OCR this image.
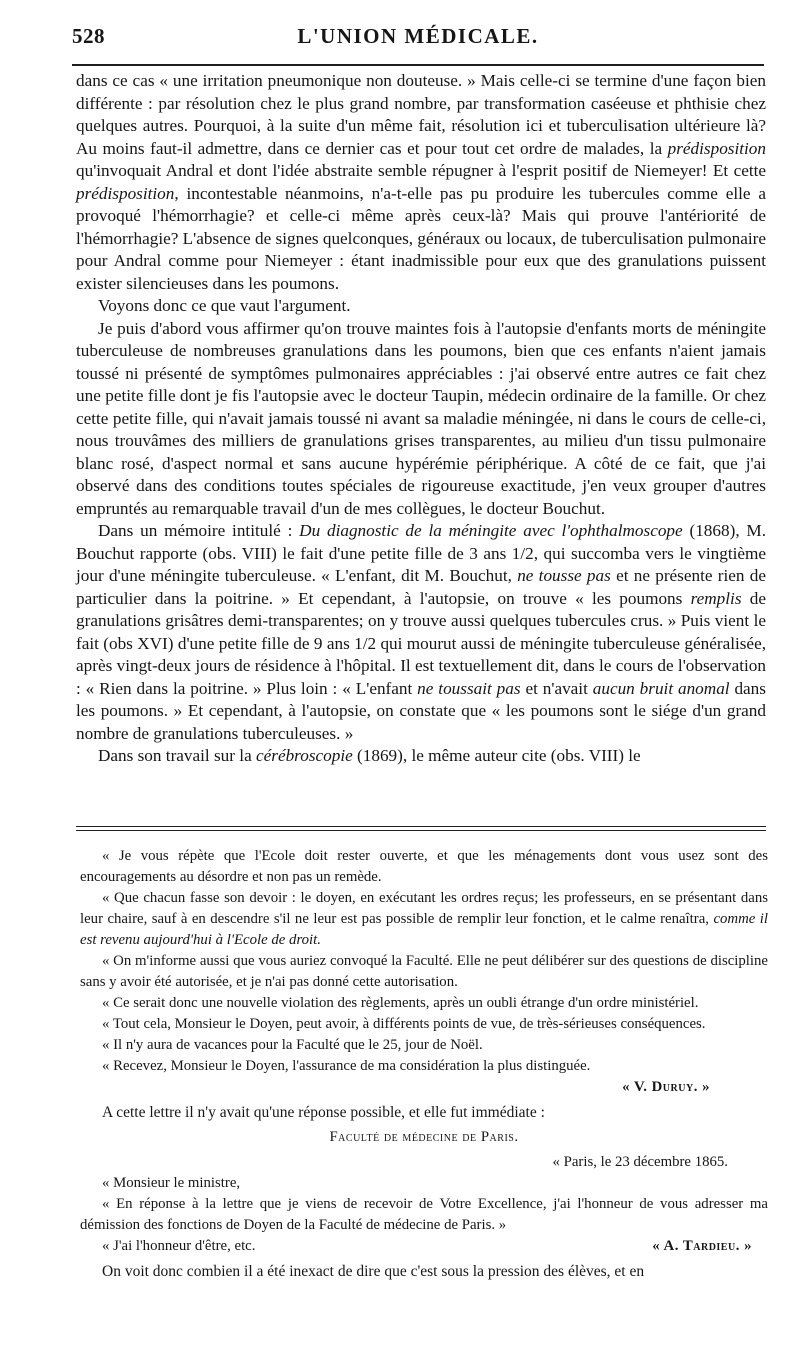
528	L'UNION MÉDICALE.

dans ce cas « une irritation pneumonique non douteuse. » Mais celle-ci se termine d'une façon bien différente : par résolution chez le plus grand nombre, par transformation caséeuse et phthisie chez quelques autres. Pourquoi, à la suite d'un même fait, résolution ici et tuberculisation ultérieure là? Au moins faut-il admettre, dans ce dernier cas et pour tout cet ordre de malades, la prédisposition qu'invoquait Andral et dont l'idée abstraite semble répugner à l'esprit positif de Niemeyer! Et cette prédisposition, incontestable néanmoins, n'a-t-elle pas pu produire les tubercules comme elle a provoqué l'hémorrhagie? et celle-ci même après ceux-là? Mais qui prouve l'antériorité de l'hémorrhagie? L'absence de signes quelconques, généraux ou locaux, de tuberculisation pulmonaire pour Andral comme pour Niemeyer : étant inadmissible pour eux que des granulations puissent exister silencieuses dans les poumons.

Voyons donc ce que vaut l'argument.

Je puis d'abord vous affirmer qu'on trouve maintes fois à l'autopsie d'enfants morts de méningite tuberculeuse de nombreuses granulations dans les poumons, bien que ces enfants n'aient jamais toussé ni présenté de symptômes pulmonaires appréciables : j'ai observé entre autres ce fait chez une petite fille dont je fis l'autopsie avec le docteur Taupin, médecin ordinaire de la famille. Or chez cette petite fille, qui n'avait jamais toussé ni avant sa maladie méningée, ni dans le cours de celle-ci, nous trouvâmes des milliers de granulations grises transparentes, au milieu d'un tissu pulmonaire blanc rosé, d'aspect normal et sans aucune hypérémie périphérique. A côté de ce fait, que j'ai observé dans des conditions toutes spéciales de rigoureuse exactitude, j'en veux grouper d'autres empruntés au remarquable travail d'un de mes collègues, le docteur Bouchut.

Dans un mémoire intitulé : Du diagnostic de la méningite avec l'ophthalmoscope (1868), M. Bouchut rapporte (obs. VIII) le fait d'une petite fille de 3 ans 1/2, qui succomba vers le vingtième jour d'une méningite tuberculeuse. « L'enfant, dit M. Bouchut, ne tousse pas et ne présente rien de particulier dans la poitrine. » Et cependant, à l'autopsie, on trouve « les poumons remplis de granulations grisâtres demi-transparentes; on y trouve aussi quelques tubercules crus. » Puis vient le fait (obs XVI) d'une petite fille de 9 ans 1/2 qui mourut aussi de méningite tuberculeuse généralisée, après vingt-deux jours de résidence à l'hôpital. Il est textuellement dit, dans le cours de l'observation : « Rien dans la poitrine. » Plus loin : « L'enfant ne toussait pas et n'avait aucun bruit anomal dans les poumons. » Et cependant, à l'autopsie, on constate que « les poumons sont le siége d'un grand nombre de granulations tuberculeuses. »

Dans son travail sur la cérébroscopie (1869), le même auteur cite (obs. VIII) le

« Je vous répète que l'Ecole doit rester ouverte, et que les ménagements dont vous usez sont des encouragements au désordre et non pas un remède.

« Que chacun fasse son devoir : le doyen, en exécutant les ordres reçus; les professeurs, en se présentant dans leur chaire, sauf à en descendre s'il ne leur est pas possible de remplir leur fonction, et le calme renaîtra, comme il est revenu aujourd'hui à l'Ecole de droit.

« On m'informe aussi que vous auriez convoqué la Faculté. Elle ne peut délibérer sur des questions de discipline sans y avoir été autorisée, et je n'ai pas donné cette autorisation.

« Ce serait donc une nouvelle violation des règlements, après un oubli étrange d'un ordre ministériel.

« Tout cela, Monsieur le Doyen, peut avoir, à différents points de vue, de très-sérieuses conséquences.

« Il n'y aura de vacances pour la Faculté que le 25, jour de Noël.

« Recevez, Monsieur le Doyen, l'assurance de ma considération la plus distinguée.

« V. Duruy. »

A cette lettre il n'y avait qu'une réponse possible, et elle fut immédiate :

Faculté de médecine de Paris.

« Paris, le 23 décembre 1865.

« Monsieur le ministre,

« En réponse à la lettre que je viens de recevoir de Votre Excellence, j'ai l'honneur de vous adresser ma démission des fonctions de Doyen de la Faculté de médecine de Paris. »

« J'ai l'honneur d'être, etc.	« A. Tardieu. »

On voit donc combien il a été inexact de dire que c'est sous la pression des élèves, et en
